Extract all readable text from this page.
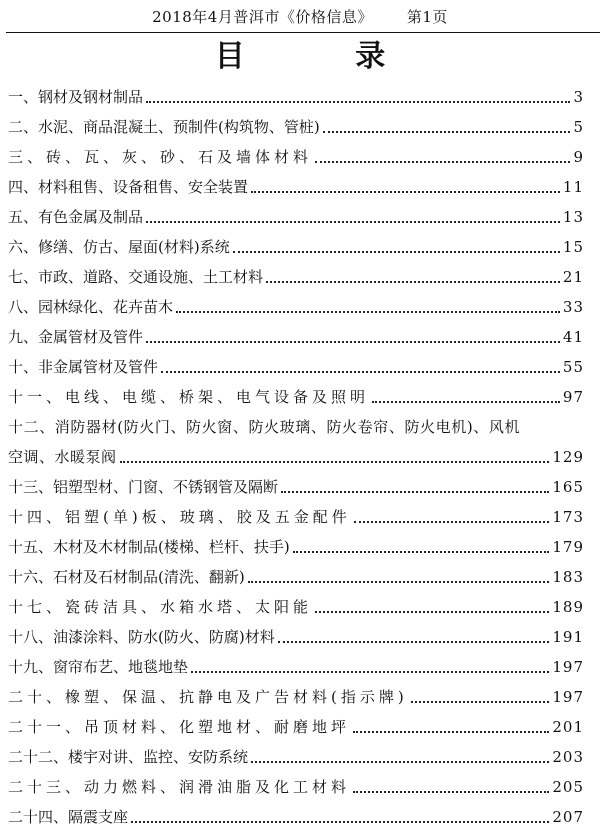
2018年4月普洱市《价格信息》 第1页
目 录
一、钢材及钢材制品	3
二、水泥、商品混凝土、预制件(构筑物、管桩)	5
三、砖、瓦、灰、砂、石及墙体材料	9
四、材料租售、设备租售、安全装置	11
五、有色金属及制品	13
六、修缮、仿古、屋面(材料)系统	15
七、市政、道路、交通设施、土工材料	21
八、园林绿化、花卉苗木	33
九、金属管材及管件	41
十、非金属管材及管件	55
十一、电线、电缆、桥架、电气设备及照明	97
十二、消防器材(防火门、防火窗、防火玻璃、防火卷帘、防火电机)、风机
空调、水暖泵阀	129
十三、铝塑型材、门窗、不锈钢管及隔断	165
十四、铝塑(单)板、玻璃、胶及五金配件	173
十五、木材及木材制品(楼梯、栏杆、扶手)	179
十六、石材及石材制品(清洗、翻新)	183
十七、瓷砖洁具、水箱水塔、太阳能	189
十八、油漆涂料、防水(防火、防腐)材料	191
十九、窗帘布艺、地毯地垫	197
二十、橡塑、保温、抗静电及广告材料(指示牌)	197
二十一、吊顶材料、化塑地材、耐磨地坪	201
二十二、楼宇对讲、监控、安防系统	203
二十三、动力燃料、润滑油脂及化工材料	205
二十四、隔震支座	207
